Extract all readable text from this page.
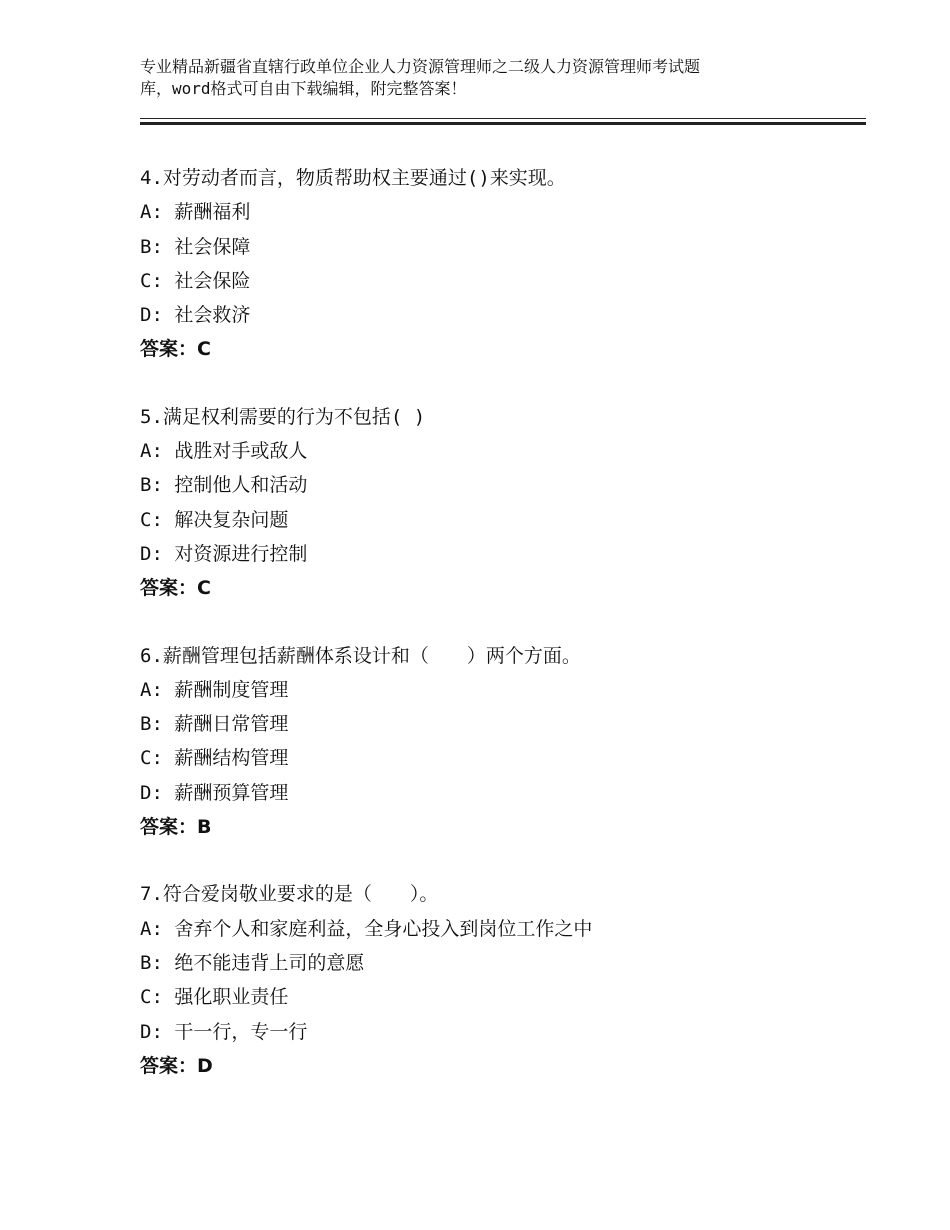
专业精品新疆省直辖行政单位企业人力资源管理师之二级人力资源管理师考试题
库，word格式可自由下载编辑，附完整答案！
4.对劳动者而言，物质帮助权主要通过()来实现。
A: 薪酬福利
B: 社会保障
C: 社会保险
D: 社会救济
答案：C
5.满足权利需要的行为不包括( )
A: 战胜对手或敌人
B: 控制他人和活动
C: 解决复杂问题
D: 对资源进行控制
答案：C
6.薪酬管理包括薪酬体系设计和（　　）两个方面。
A: 薪酬制度管理
B: 薪酬日常管理
C: 薪酬结构管理
D: 薪酬预算管理
答案：B
7.符合爱岗敬业要求的是（　　）。
A: 舍弃个人和家庭利益，全身心投入到岗位工作之中
B: 绝不能违背上司的意愿
C: 强化职业责任
D: 干一行，专一行
答案：D
